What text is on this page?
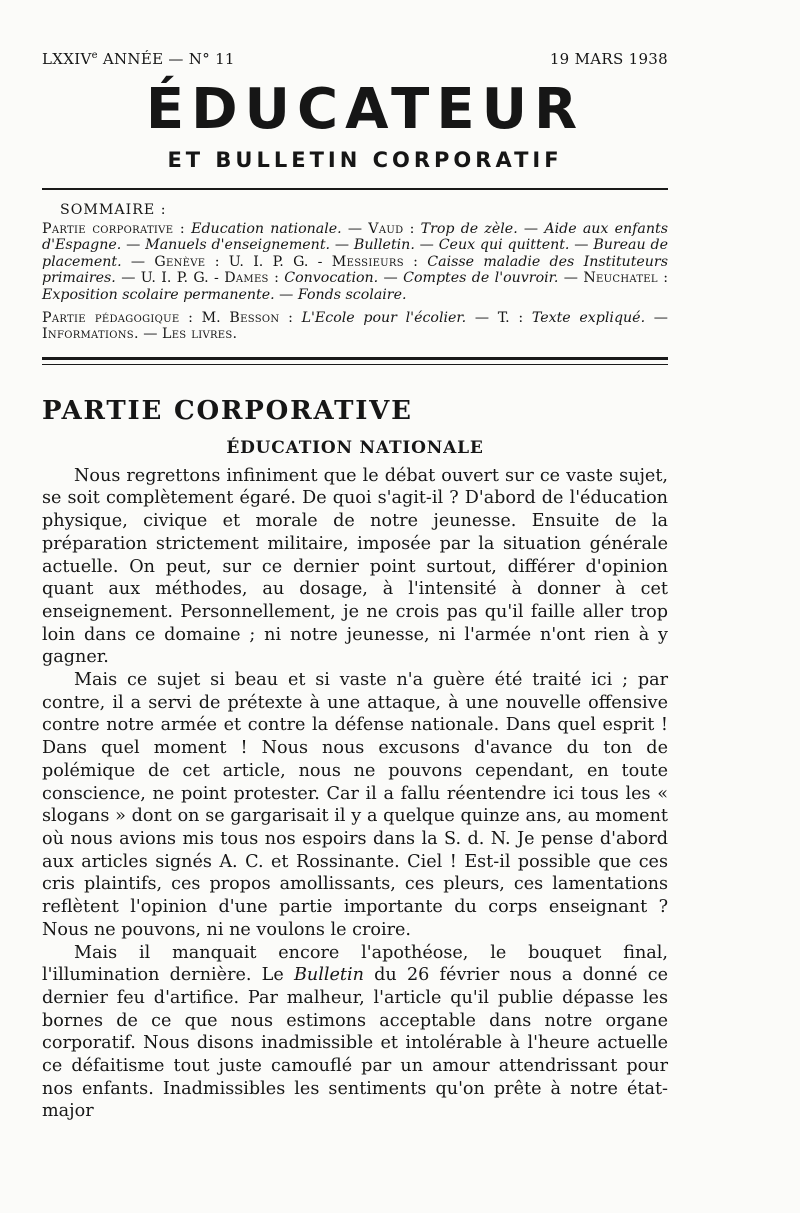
LXXIVe ANNÉE — N° 11	19 MARS 1938
ÉDUCATEUR
ET BULLETIN CORPORATIF
SOMMAIRE :

Partie corporative : Education nationale. — Vaud : Trop de zèle. — Aide aux enfants d'Espagne. — Manuels d'enseignement. — Bulletin. — Ceux qui quittent. — Bureau de placement. — Genève : U. I. P. G. - Messieurs : Caisse maladie des Instituteurs primaires. — U. I. P. G. - Dames : Convocation. — Comptes de l'ouvroir. — Neuchatel : Exposition scolaire permanente. — Fonds scolaire.

Partie pédagogique : M. Besson : L'Ecole pour l'écolier. — T. : Texte expliqué. — Informations. — Les livres.

PARTIE CORPORATIVE
ÉDUCATION NATIONALE

Nous regrettons infiniment que le débat ouvert sur ce vaste sujet, se soit complètement égaré. De quoi s'agit-il ? D'abord de l'éducation physique, civique et morale de notre jeunesse. Ensuite de la préparation strictement militaire, imposée par la situation générale actuelle. On peut, sur ce dernier point surtout, différer d'opinion quant aux méthodes, au dosage, à l'intensité à donner à cet enseignement. Personnellement, je ne crois pas qu'il faille aller trop loin dans ce domaine ; ni notre jeunesse, ni l'armée n'ont rien à y gagner.

Mais ce sujet si beau et si vaste n'a guère été traité ici ; par contre, il a servi de prétexte à une attaque, à une nouvelle offensive contre notre armée et contre la défense nationale. Dans quel esprit ! Dans quel moment ! Nous nous excusons d'avance du ton de polémique de cet article, nous ne pouvons cependant, en toute conscience, ne point protester. Car il a fallu réentendre ici tous les « slogans » dont on se gargarisait il y a quelque quinze ans, au moment où nous avions mis tous nos espoirs dans la S. d. N. Je pense d'abord aux articles signés A. C. et Rossinante. Ciel ! Est-il possible que ces cris plaintifs, ces propos amollissants, ces pleurs, ces lamentations reflètent l'opinion d'une partie importante du corps enseignant ? Nous ne pouvons, ni ne voulons le croire.

Mais il manquait encore l'apothéose, le bouquet final, l'illumination dernière. Le Bulletin du 26 février nous a donné ce dernier feu d'artifice. Par malheur, l'article qu'il publie dépasse les bornes de ce que nous estimons acceptable dans notre organe corporatif. Nous disons inadmissible et intolérable à l'heure actuelle ce défaitisme tout juste camouflé par un amour attendrissant pour nos enfants. Inadmissibles les sentiments qu'on prête à notre état-major
